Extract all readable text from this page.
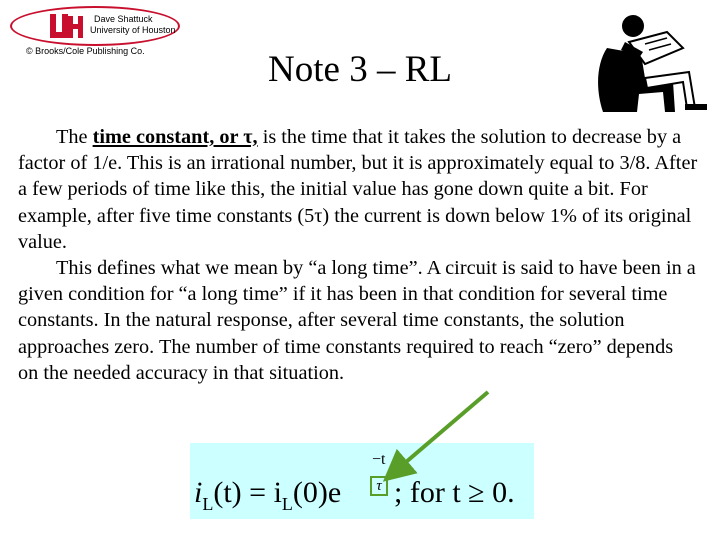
Dave Shattuck
University of Houston
© Brooks/Cole Publishing Co.	Note 3 – RL

The time constant, or τ, is the time that it takes the solution to decrease by a factor of 1/e. This is an irrational number, but it is approximately equal to 3/8. After a few periods of time like this, the initial value has gone down quite a bit. For example, after five time constants (5τ) the current is down below 1% of its original value.

This defines what we mean by “a long time”. A circuit is said to have been in a given condition for “a long time” if it has been in that condition for several time constants. In the natural response, after several time constants, the solution approaches zero. The number of time constants required to reach “zero” depends on the needed accuracy in that situation.

$i_L(t) = i_L(0)e$
−t
; for t ≥ 0.
τ
